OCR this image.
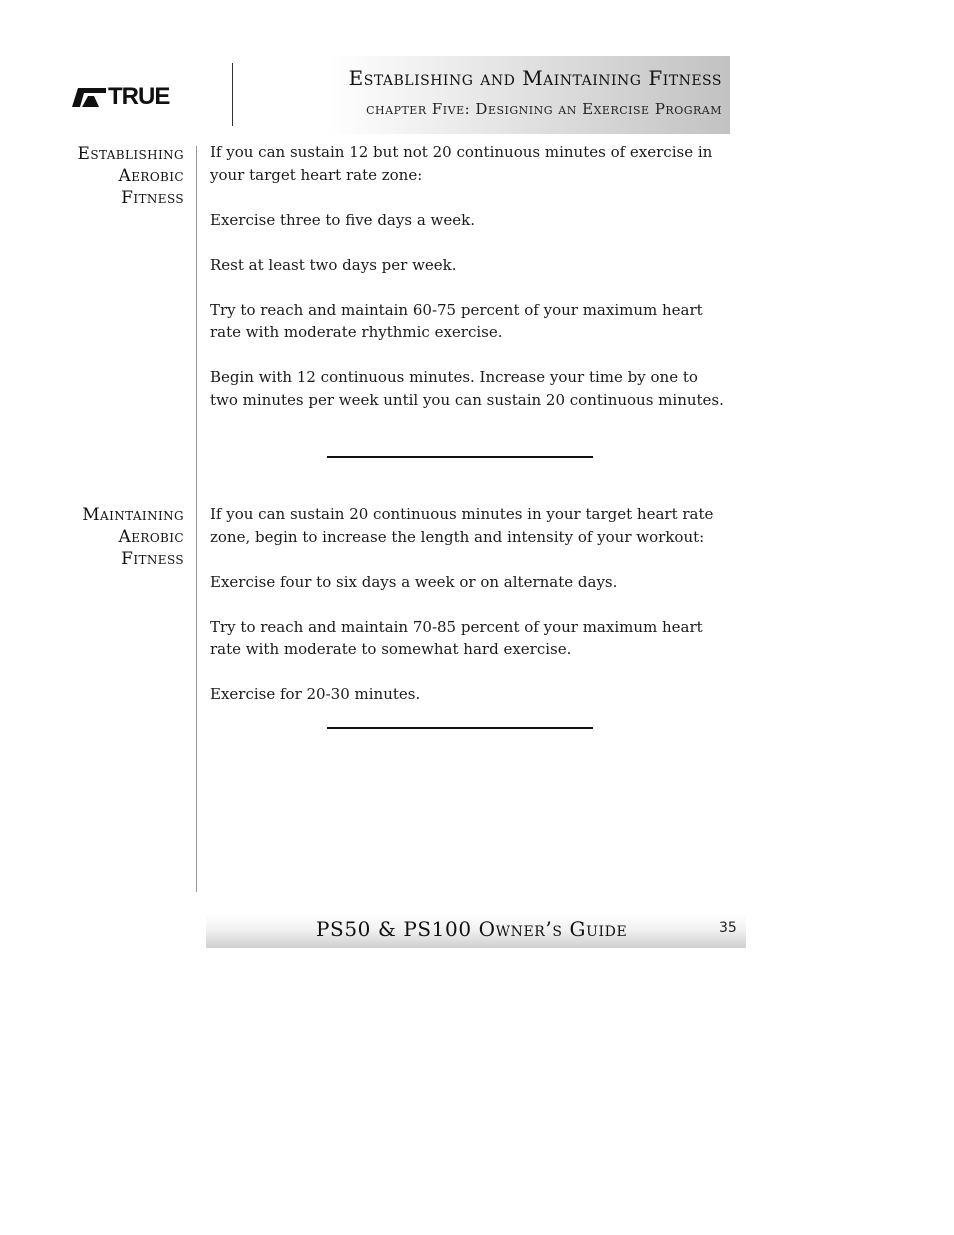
TRUE
Establishing and Maintaining Fitness
chapter Five: Designing an Exercise Program
Establishing
Aerobic
Fitness

If you can sustain 12 but not 20 continuous minutes of exercise in your target heart rate zone:

Exercise three to five days a week.

Rest at least two days per week.

Try to reach and maintain 60-75 percent of your maximum heart rate with moderate rhythmic exercise.

Begin with 12 continuous minutes. Increase your time by one to two minutes per week until you can sustain 20 continuous minutes.

Maintaining
Aerobic
Fitness

If you can sustain 20 continuous minutes in your target heart rate zone, begin to increase the length and intensity of your workout:

Exercise four to six days a week or on alternate days.

Try to reach and maintain 70-85 percent of your maximum heart rate with moderate to somewhat hard exercise.

Exercise for 20-30 minutes.

PS50 & PS100 Owner’s Guide	35
